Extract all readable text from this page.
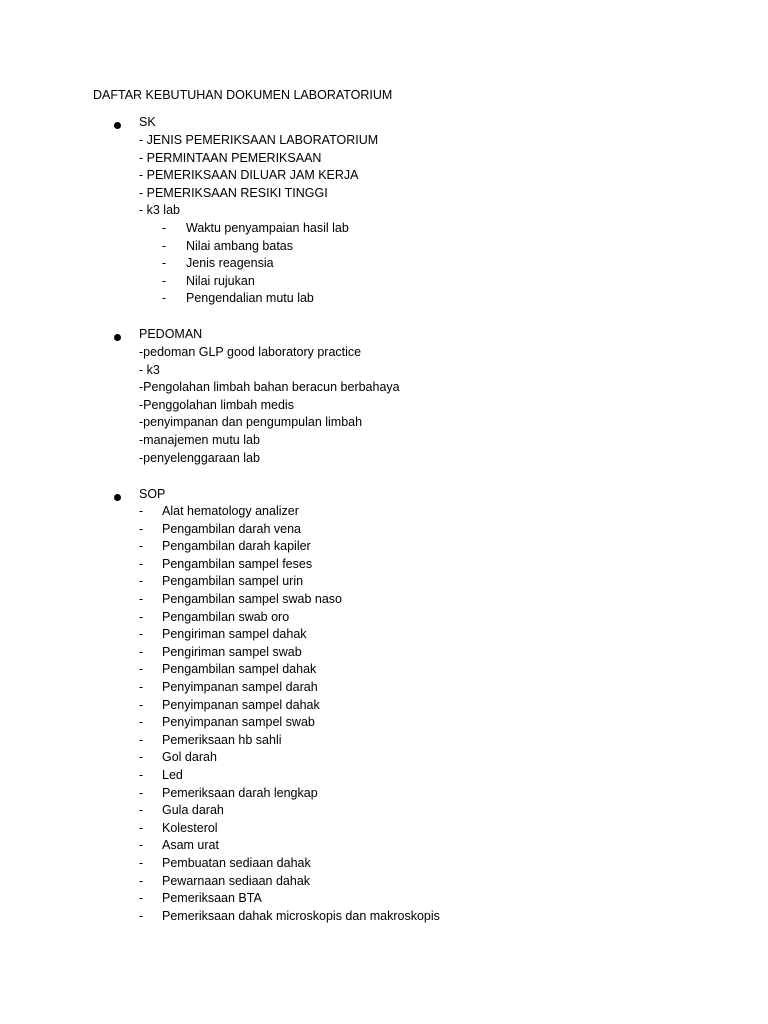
DAFTAR KEBUTUHAN DOKUMEN LABORATORIUM
SK
- JENIS PEMERIKSAAN LABORATORIUM
- PERMINTAAN PEMERIKSAAN
- PEMERIKSAAN DILUAR JAM KERJA
- PEMERIKSAAN RESIKI TINGGI
- k3 lab
- Waktu penyampaian hasil lab
- Nilai ambang batas
- Jenis reagensia
- Nilai rujukan
- Pengendalian mutu lab
PEDOMAN
-pedoman GLP good laboratory practice
- k3
-Pengolahan limbah bahan beracun berbahaya
-Penggolahan limbah medis
-penyimpanan dan pengumpulan limbah
-manajemen mutu lab
-penyelenggaraan lab
SOP
- Alat hematology analizer
- Pengambilan darah vena
- Pengambilan darah kapiler
- Pengambilan sampel feses
- Pengambilan sampel urin
- Pengambilan sampel swab naso
- Pengambilan swab oro
- Pengiriman sampel dahak
- Pengiriman sampel swab
- Pengambilan sampel dahak
- Penyimpanan sampel darah
- Penyimpanan sampel dahak
- Penyimpanan sampel swab
- Pemeriksaan hb sahli
- Gol darah
- Led
- Pemeriksaan darah lengkap
- Gula darah
- Kolesterol
- Asam urat
- Pembuatan sediaan dahak
- Pewarnaan sediaan dahak
- Pemeriksaan BTA
- Pemeriksaan dahak microskopis dan makroskopis
